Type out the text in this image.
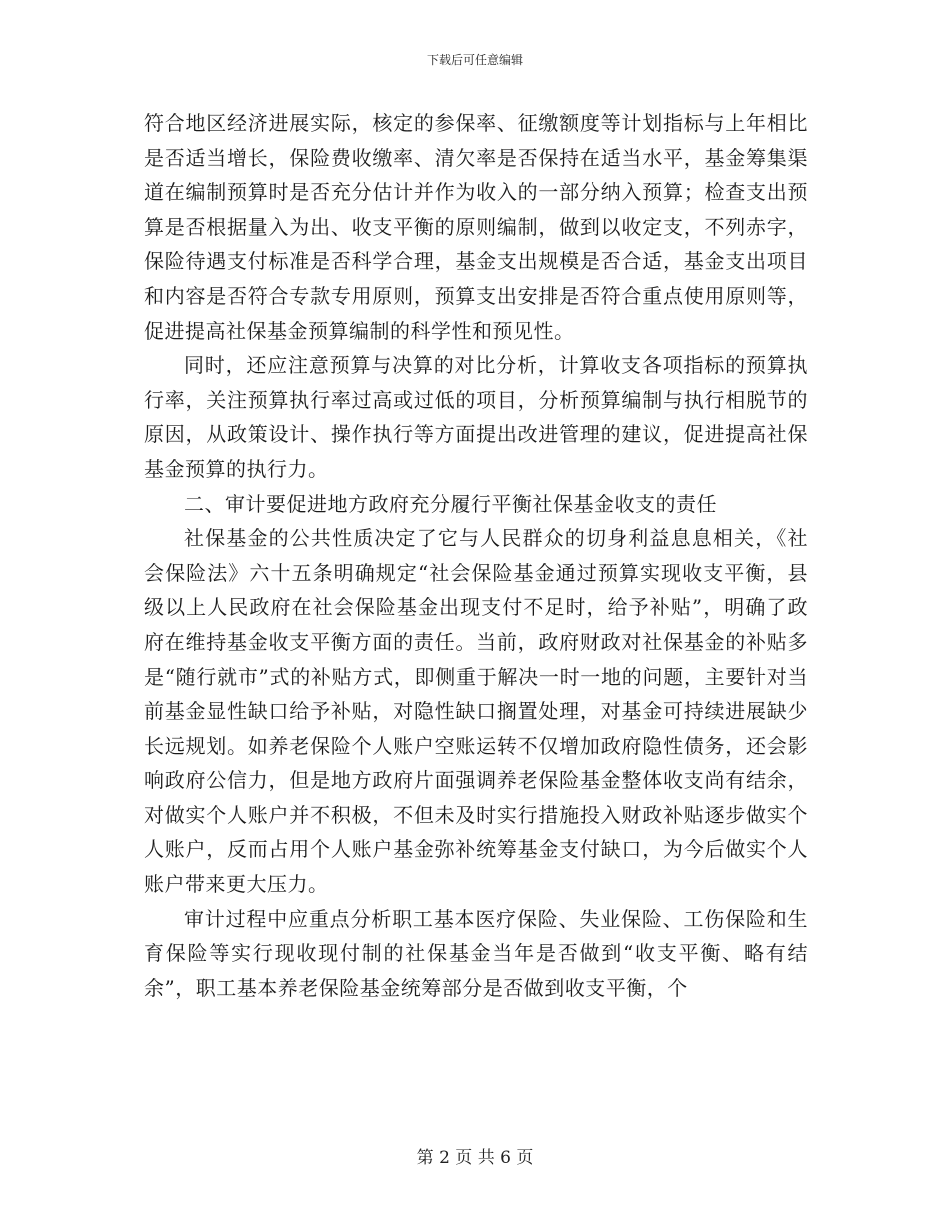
下载后可任意编辑

符合地区经济进展实际，核定的参保率、征缴额度等计划指标与上年相比是否适当增长，保险费收缴率、清欠率是否保持在适当水平，基金筹集渠道在编制预算时是否充分估计并作为收入的一部分纳入预算；检查支出预算是否根据量入为出、收支平衡的原则编制，做到以收定支，不列赤字，保险待遇支付标准是否科学合理，基金支出规模是否合适，基金支出项目和内容是否符合专款专用原则，预算支出安排是否符合重点使用原则等，促进提高社保基金预算编制的科学性和预见性。

同时，还应注意预算与决算的对比分析，计算收支各项指标的预算执行率，关注预算执行率过高或过低的项目，分析预算编制与执行相脱节的原因，从政策设计、操作执行等方面提出改进管理的建议，促进提高社保基金预算的执行力。

二、审计要促进地方政府充分履行平衡社保基金收支的责任

社保基金的公共性质决定了它与人民群众的切身利益息息相关，《社会保险法》六十五条明确规定“社会保险基金通过预算实现收支平衡，县级以上人民政府在社会保险基金出现支付不足时，给予补贴”，明确了政府在维持基金收支平衡方面的责任。当前，政府财政对社保基金的补贴多是“随行就市”式的补贴方式，即侧重于解决一时一地的问题，主要针对当前基金显性缺口给予补贴，对隐性缺口搁置处理，对基金可持续进展缺少长远规划。如养老保险个人账户空账运转不仅增加政府隐性债务，还会影响政府公信力，但是地方政府片面强调养老保险基金整体收支尚有结余，对做实个人账户并不积极，不但未及时实行措施投入财政补贴逐步做实个人账户，反而占用个人账户基金弥补统筹基金支付缺口，为今后做实个人账户带来更大压力。

审计过程中应重点分析职工基本医疗保险、失业保险、工伤保险和生育保险等实行现收现付制的社保基金当年是否做到“收支平衡、略有结余”，职工基本养老保险基金统筹部分是否做到收支平衡，个

第 2 页 共 6 页
